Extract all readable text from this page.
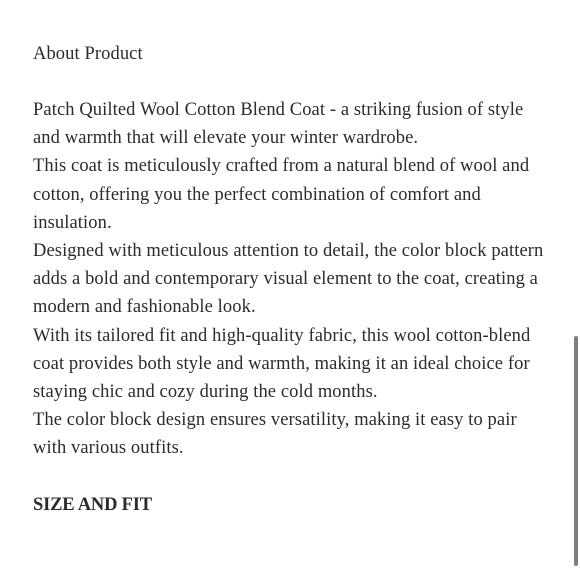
About Product

Patch Quilted Wool Cotton Blend Coat - a striking fusion of style and warmth that will elevate your winter wardrobe.

This coat is meticulously crafted from a natural blend of wool and cotton, offering you the perfect combination of comfort and insulation.

Designed with meticulous attention to detail, the color block pattern adds a bold and contemporary visual element to the coat, creating a modern and fashionable look.

With its tailored fit and high-quality fabric, this wool cotton-blend coat provides both style and warmth, making it an ideal choice for staying chic and cozy during the cold months.

The color block design ensures versatility, making it easy to pair with various outfits.

SIZE AND FIT
